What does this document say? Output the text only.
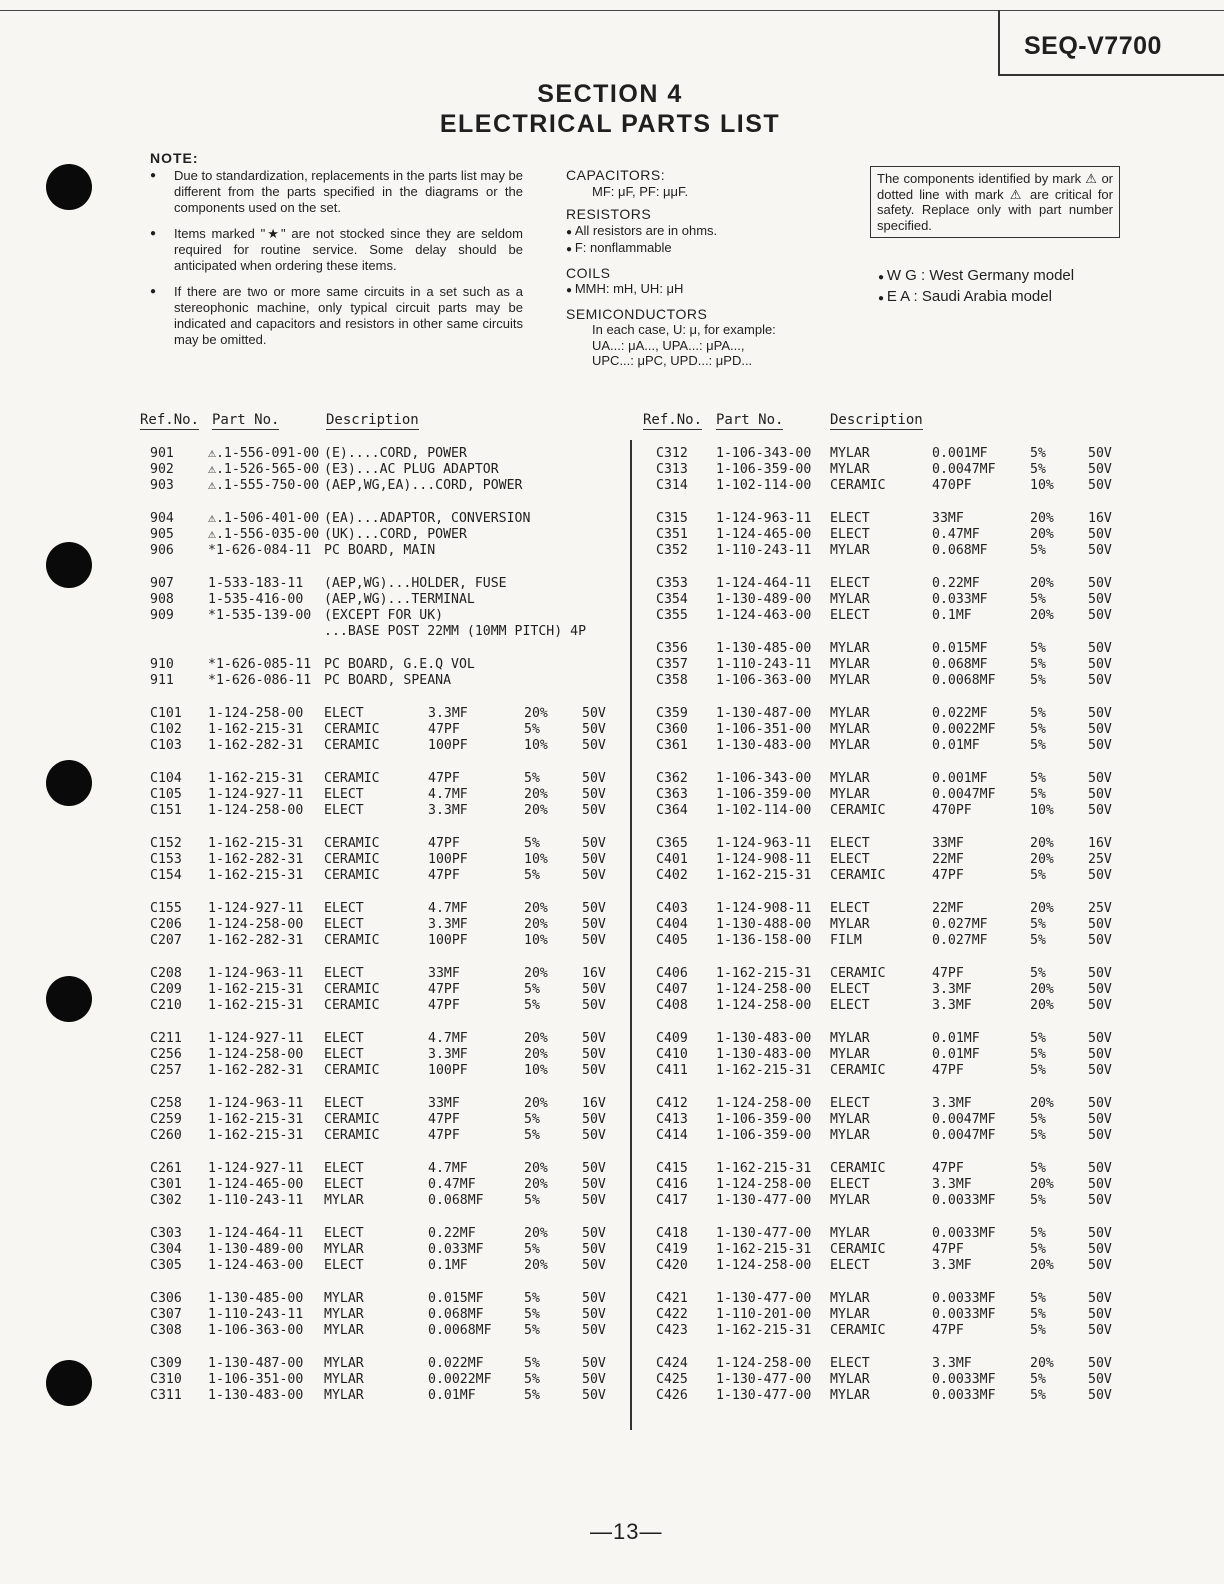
SEQ-V7700
SECTION 4
ELECTRICAL PARTS LIST
NOTE:
● Due to standardization, replacements in the parts list may be different from the parts specified in the diagrams or the components used on the set.
● Items marked "★" are not stocked since they are seldom required for routine service. Some delay should be anticipated when ordering these items.
● If there are two or more same circuits in a set such as a stereophonic machine, only typical circuit parts may be indicated and capacitors and resistors in other same circuits may be omitted.
CAPACITORS:
MF: μF, PF: μμF.
RESISTORS
● All resistors are in ohms.
● F: nonflammable
COILS
● MMH: mH, UH: μH
SEMICONDUCTORS
In each case, U: μ, for example:
UA...: μA..., UPA...: μPA...,
UPC...: μPC, UPD...: μPD...
The components identified by mark ⚠ or dotted line with mark ⚠ are critical for safety. Replace only with part number specified.
● W G : West Germany model
● E A : Saudi Arabia model
Ref.No. Part No.	Description	Ref.No. Part No.	Description
901	⚠.1-556-091-00 (E)....CORD, POWER
902	⚠.1-526-565-00 (E3)...AC PLUG ADAPTOR
903	⚠.1-555-750-00 (AEP,WG,EA)...CORD, POWER
904	⚠.1-506-401-00 (EA)...ADAPTOR, CONVERSION
905	⚠.1-556-035-00 (UK)...CORD, POWER
906	*1-626-084-11 PC BOARD, MAIN
907	1-533-183-11 (AEP,WG)...HOLDER, FUSE
908	1-535-416-00 (AEP,WG)...TERMINAL
909	*1-535-139-00 (EXCEPT FOR UK)
...BASE POST 22MM (10MM PITCH) 4P
910	*1-626-085-11 PC BOARD, G.E.Q VOL
911	*1-626-086-11 PC BOARD, SPEANA
C101 1-124-258-00 ELECT	3.3MF	20%	50V
C102 1-162-215-31 CERAMIC	47PF	5%	50V
C103 1-162-282-31 CERAMIC	100PF	10%	50V
C104 1-162-215-31 CERAMIC	47PF	5%	50V
C105 1-124-927-11 ELECT	4.7MF	20%	50V
C151 1-124-258-00 ELECT	3.3MF	20%	50V
C152 1-162-215-31 CERAMIC	47PF	5%	50V
C153 1-162-282-31 CERAMIC	100PF	10%	50V
C154 1-162-215-31 CERAMIC	47PF	5%	50V
C155 1-124-927-11 ELECT	4.7MF	20%	50V
C206 1-124-258-00 ELECT	3.3MF	20%	50V
C207 1-162-282-31 CERAMIC	100PF	10%	50V
C208 1-124-963-11 ELECT	33MF	20%	16V
C209 1-162-215-31 CERAMIC	47PF	5%	50V
C210 1-162-215-31 CERAMIC	47PF	5%	50V
C211 1-124-927-11 ELECT	4.7MF	20%	50V
C256 1-124-258-00 ELECT	3.3MF	20%	50V
C257 1-162-282-31 CERAMIC	100PF	10%	50V
C258 1-124-963-11 ELECT	33MF	20%	16V
C259 1-162-215-31 CERAMIC	47PF	5%	50V
C260 1-162-215-31 CERAMIC	47PF	5%	50V
C261 1-124-927-11 ELECT	4.7MF	20%	50V
C301 1-124-465-00 ELECT	0.47MF	20%	50V
C302 1-110-243-11 MYLAR	0.068MF	5%	50V
C303 1-124-464-11 ELECT	0.22MF	20%	50V
C304 1-130-489-00 MYLAR	0.033MF	5%	50V
C305 1-124-463-00 ELECT	0.1MF	20%	50V
C306 1-130-485-00 MYLAR	0.015MF	5%	50V
C307 1-110-243-11 MYLAR	0.068MF	5%	50V
C308 1-106-363-00 MYLAR	0.0068MF 5%	50V
C309 1-130-487-00 MYLAR	0.022MF	5%	50V
C310 1-106-351-00 MYLAR	0.0022MF 5%	50V
C311 1-130-483-00 MYLAR	0.01MF	5%	50V
C312 1-106-343-00 MYLAR	0.001MF	5%	50V
C313 1-106-359-00 MYLAR	0.0047MF	5%	50V
C314 1-102-114-00 CERAMIC	470PF	10%	50V
C315 1-124-963-11 ELECT	33MF	20%	16V
C351 1-124-465-00 ELECT	0.47MF	20%	50V
C352 1-110-243-11 MYLAR	0.068MF	5%	50V
C353 1-124-464-11 ELECT	0.22MF	20%	50V
C354 1-130-489-00 MYLAR	0.033MF	5%	50V
C355 1-124-463-00 ELECT	0.1MF	20%	50V
C356 1-130-485-00 MYLAR	0.015MF	5%	50V
C357 1-110-243-11 MYLAR	0.068MF	5%	50V
C358 1-106-363-00 MYLAR	0.0068MF	5%	50V
C359 1-130-487-00 MYLAR	0.022MF	5%	50V
C360 1-106-351-00 MYLAR	0.0022MF	5%	50V
C361 1-130-483-00 MYLAR	0.01MF	5%	50V
C362 1-106-343-00 MYLAR	0.001MF	5%	50V
C363 1-106-359-00 MYLAR	0.0047MF	5%	50V
C364 1-102-114-00 CERAMIC	470PF	10%	50V
C365 1-124-963-11 ELECT	33MF	20%	16V
C401 1-124-908-11 ELECT	22MF	20%	25V
C402 1-162-215-31 CERAMIC	47PF	5%	50V
C403 1-124-908-11 ELECT	22MF	20%	25V
C404 1-130-488-00 MYLAR	0.027MF	5%	50V
C405 1-136-158-00 FILM	0.027MF	5%	50V
C406 1-162-215-31 CERAMIC	47PF	5%	50V
C407 1-124-258-00 ELECT	3.3MF	20%	50V
C408 1-124-258-00 ELECT	3.3MF	20%	50V
C409 1-130-483-00 MYLAR	0.01MF	5%	50V
C410 1-130-483-00 MYLAR	0.01MF	5%	50V
C411 1-162-215-31 CERAMIC	47PF	5%	50V
C412 1-124-258-00 ELECT	3.3MF	20%	50V
C413 1-106-359-00 MYLAR	0.0047MF	5%	50V
C414 1-106-359-00 MYLAR	0.0047MF	5%	50V
C415 1-162-215-31 CERAMIC	47PF	5%	50V
C416 1-124-258-00 ELECT	3.3MF	20%	50V
C417 1-130-477-00 MYLAR	0.0033MF	5%	50V
C418 1-130-477-00 MYLAR	0.0033MF	5%	50V
C419 1-162-215-31 CERAMIC	47PF	5%	50V
C420 1-124-258-00 ELECT	3.3MF	20%	50V
C421 1-130-477-00 MYLAR	0.0033MF	5%	50V
C422 1-110-201-00 MYLAR	0.0033MF	5%	50V
C423 1-162-215-31 CERAMIC	47PF	5%	50V
C424 1-124-258-00 ELECT	3.3MF	20%	50V
C425 1-130-477-00 MYLAR	0.0033MF	5%	50V
C426 1-130-477-00 MYLAR	0.0033MF	5%	50V
—13—
